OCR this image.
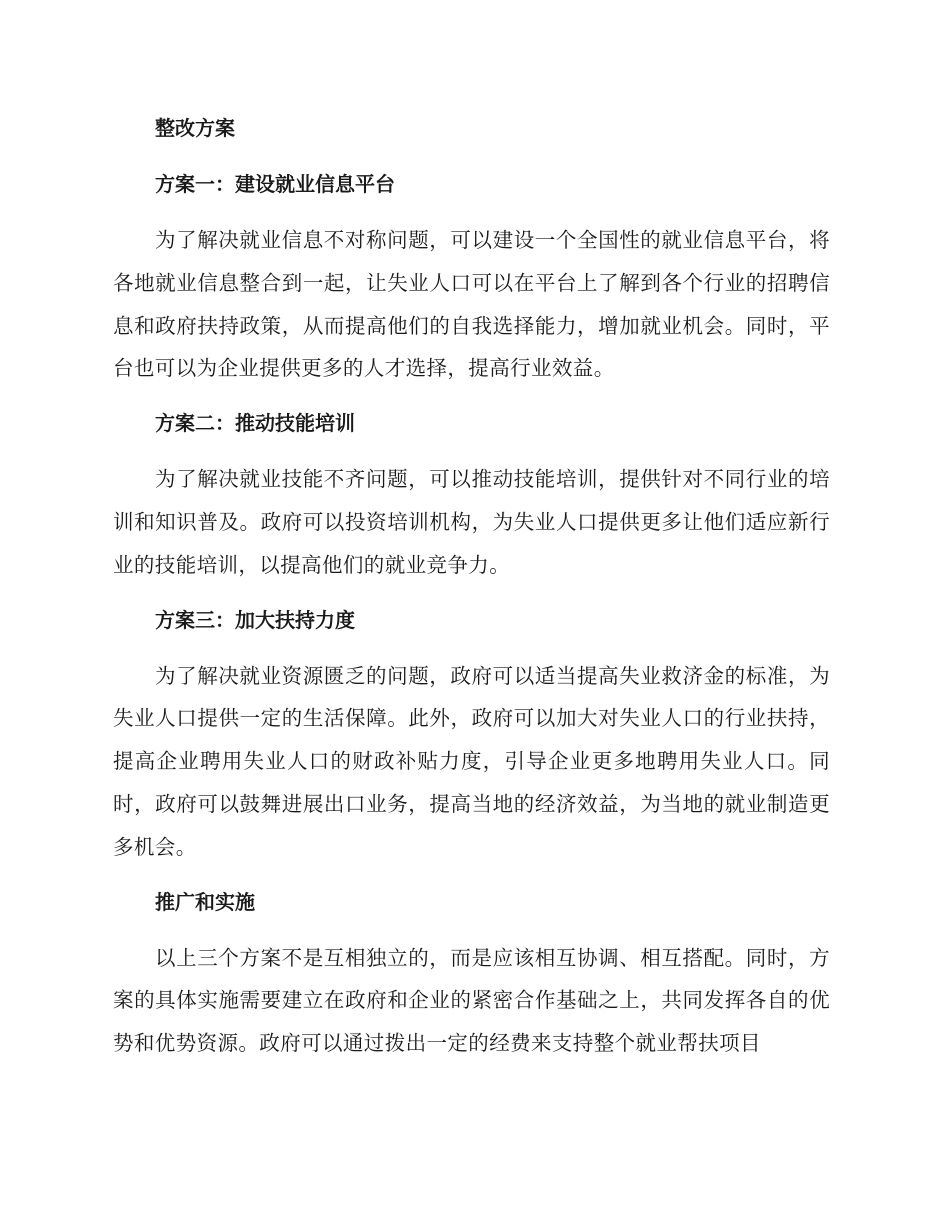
整改方案
方案一：建设就业信息平台

为了解决就业信息不对称问题，可以建设一个全国性的就业信息平台，将各地就业信息整合到一起，让失业人口可以在平台上了解到各个行业的招聘信息和政府扶持政策，从而提高他们的自我选择能力，增加就业机会。同时，平台也可以为企业提供更多的人才选择，提高行业效益。

方案二：推动技能培训

为了解决就业技能不齐问题，可以推动技能培训，提供针对不同行业的培训和知识普及。政府可以投资培训机构，为失业人口提供更多让他们适应新行业的技能培训，以提高他们的就业竞争力。

方案三：加大扶持力度

为了解决就业资源匮乏的问题，政府可以适当提高失业救济金的标准，为失业人口提供一定的生活保障。此外，政府可以加大对失业人口的行业扶持，提高企业聘用失业人口的财政补贴力度，引导企业更多地聘用失业人口。同时，政府可以鼓舞进展出口业务，提高当地的经济效益，为当地的就业制造更多机会。

推广和实施

以上三个方案不是互相独立的，而是应该相互协调、相互搭配。同时，方案的具体实施需要建立在政府和企业的紧密合作基础之上，共同发挥各自的优势和优势资源。政府可以通过拨出一定的经费来支持整个就业帮扶项目
